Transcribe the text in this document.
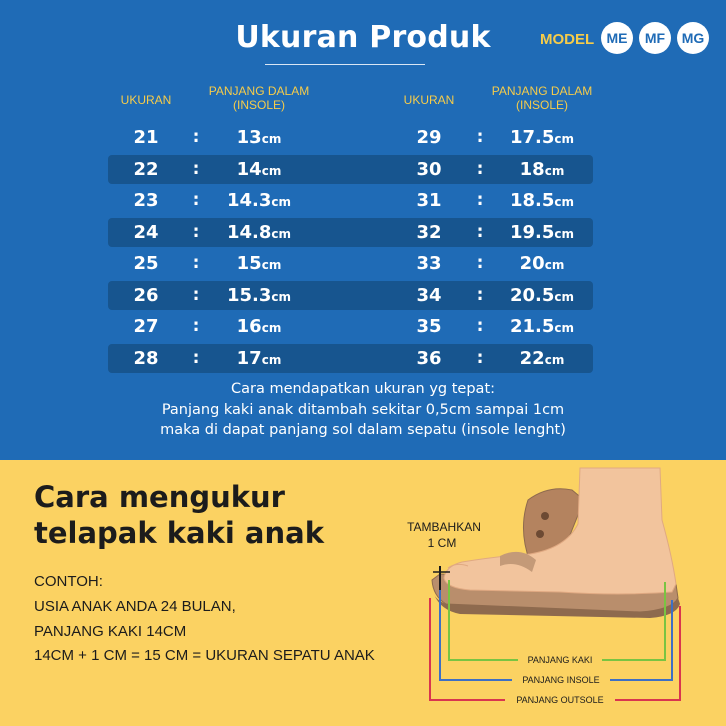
Ukuran Produk	MODEL ME	MF	MG
UKURAN
PANJANG DALAM
(INSOLE)	UKURAN
PANJANG DALAM
(INSOLE)
21	:	13cm	29	:	17.5cm
22	:	14cm	30	:	18cm
23	:	14.3cm	31	:	18.5cm
24	:	14.8cm	32	:	19.5cm
25	:	15cm	33	:	20cm
26	:	15.3cm	34	:	20.5cm
27	:	16cm	35	:	21.5cm
28	:	17cm	36	:	22cm
Cara mendapatkan ukuran yg tepat:
Panjang kaki anak ditambah sekitar 0,5cm sampai 1cm
maka di dapat panjang sol dalam sepatu (insole lenght)
Cara mengukur
telapak kaki anak
CONTOH:
USIA ANAK ANDA 24 BULAN,
PANJANG KAKI 14CM
14CM + 1 CM = 15 CM = UKURAN SEPATU ANAK	PANJANG KAKI
PANJANG INSOLE
PANJANG OUTSOLE
TAMBAHKAN
1 CM
